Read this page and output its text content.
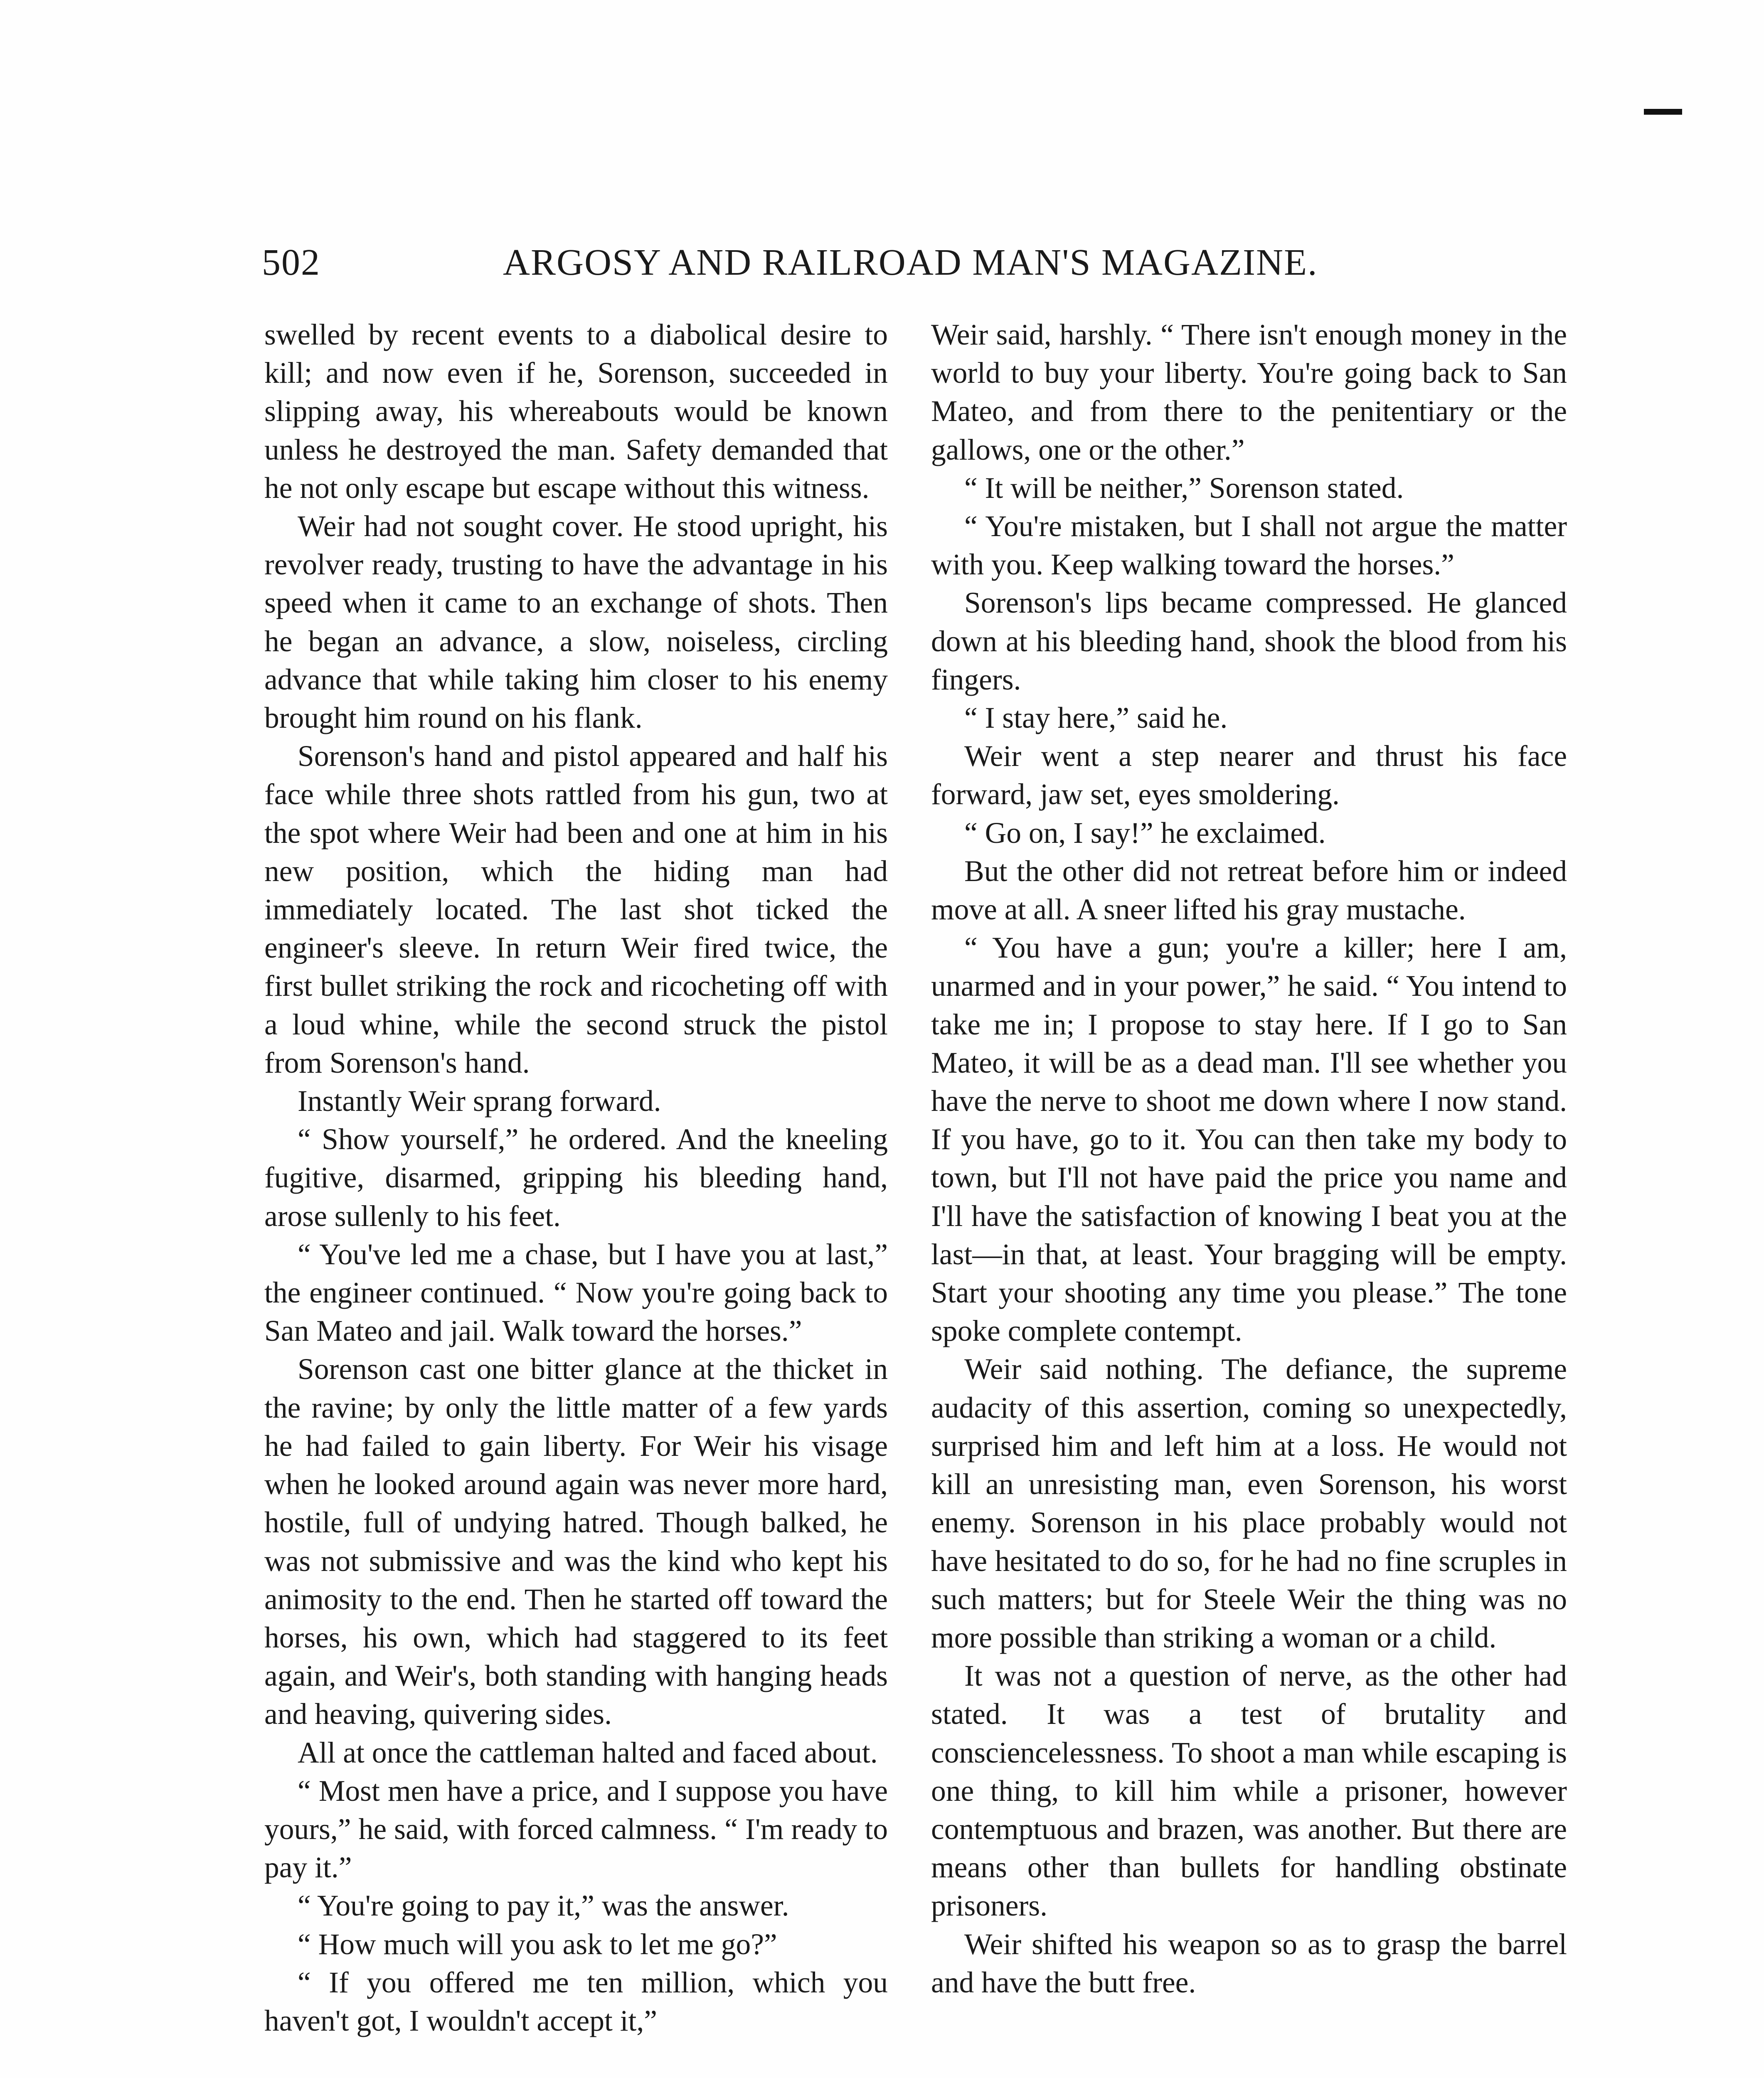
502	ARGOSY AND RAILROAD MAN'S MAGAZINE.

swelled by recent events to a diabolical desire to kill; and now even if he, Sorenson, succeeded in slipping away, his whereabouts would be known unless he destroyed the man. Safety demanded that he not only escape but escape without this witness.

Weir had not sought cover. He stood upright, his revolver ready, trusting to have the advantage in his speed when it came to an exchange of shots. Then he began an advance, a slow, noiseless, circling advance that while taking him closer to his enemy brought him round on his flank.

Sorenson's hand and pistol appeared and half his face while three shots rattled from his gun, two at the spot where Weir had been and one at him in his new position, which the hiding man had immediately located. The last shot ticked the engineer's sleeve. In return Weir fired twice, the first bullet striking the rock and ricocheting off with a loud whine, while the second struck the pistol from Sorenson's hand.

Instantly Weir sprang forward.

“ Show yourself,” he ordered. And the kneeling fugitive, disarmed, gripping his bleeding hand, arose sullenly to his feet.

“ You've led me a chase, but I have you at last,” the engineer continued. “ Now you're going back to San Mateo and jail. Walk toward the horses.”

Sorenson cast one bitter glance at the thicket in the ravine; by only the little matter of a few yards he had failed to gain liberty. For Weir his visage when he looked around again was never more hard, hostile, full of undying hatred. Though balked, he was not submissive and was the kind who kept his animosity to the end. Then he started off toward the horses, his own, which had staggered to its feet again, and Weir's, both standing with hanging heads and heaving, quivering sides.

All at once the cattleman halted and faced about.

“ Most men have a price, and I suppose you have yours,” he said, with forced calmness. “ I'm ready to pay it.”

“ You're going to pay it,” was the answer.

“ How much will you ask to let me go?”

“ If you offered me ten million, which you haven't got, I wouldn't accept it,”

Weir said, harshly. “ There isn't enough money in the world to buy your liberty. You're going back to San Mateo, and from there to the penitentiary or the gallows, one or the other.”

“ It will be neither,” Sorenson stated.

“ You're mistaken, but I shall not argue the matter with you. Keep walking toward the horses.”

Sorenson's lips became compressed. He glanced down at his bleeding hand, shook the blood from his fingers.

“ I stay here,” said he.

Weir went a step nearer and thrust his face forward, jaw set, eyes smoldering.

“ Go on, I say!” he exclaimed.

But the other did not retreat before him or indeed move at all. A sneer lifted his gray mustache.

“ You have a gun; you're a killer; here I am, unarmed and in your power,” he said. “ You intend to take me in; I propose to stay here. If I go to San Mateo, it will be as a dead man. I'll see whether you have the nerve to shoot me down where I now stand. If you have, go to it. You can then take my body to town, but I'll not have paid the price you name and I'll have the satisfaction of knowing I beat you at the last—in that, at least. Your bragging will be empty. Start your shooting any time you please.” The tone spoke complete contempt.

Weir said nothing. The defiance, the supreme audacity of this assertion, coming so unexpectedly, surprised him and left him at a loss. He would not kill an unresisting man, even Sorenson, his worst enemy. Sorenson in his place probably would not have hesitated to do so, for he had no fine scruples in such matters; but for Steele Weir the thing was no more possible than striking a woman or a child.

It was not a question of nerve, as the other had stated. It was a test of brutality and consciencelessness. To shoot a man while escaping is one thing, to kill him while a prisoner, however contemptuous and brazen, was another. But there are means other than bullets for handling obstinate prisoners.

Weir shifted his weapon so as to grasp the barrel and have the butt free.
